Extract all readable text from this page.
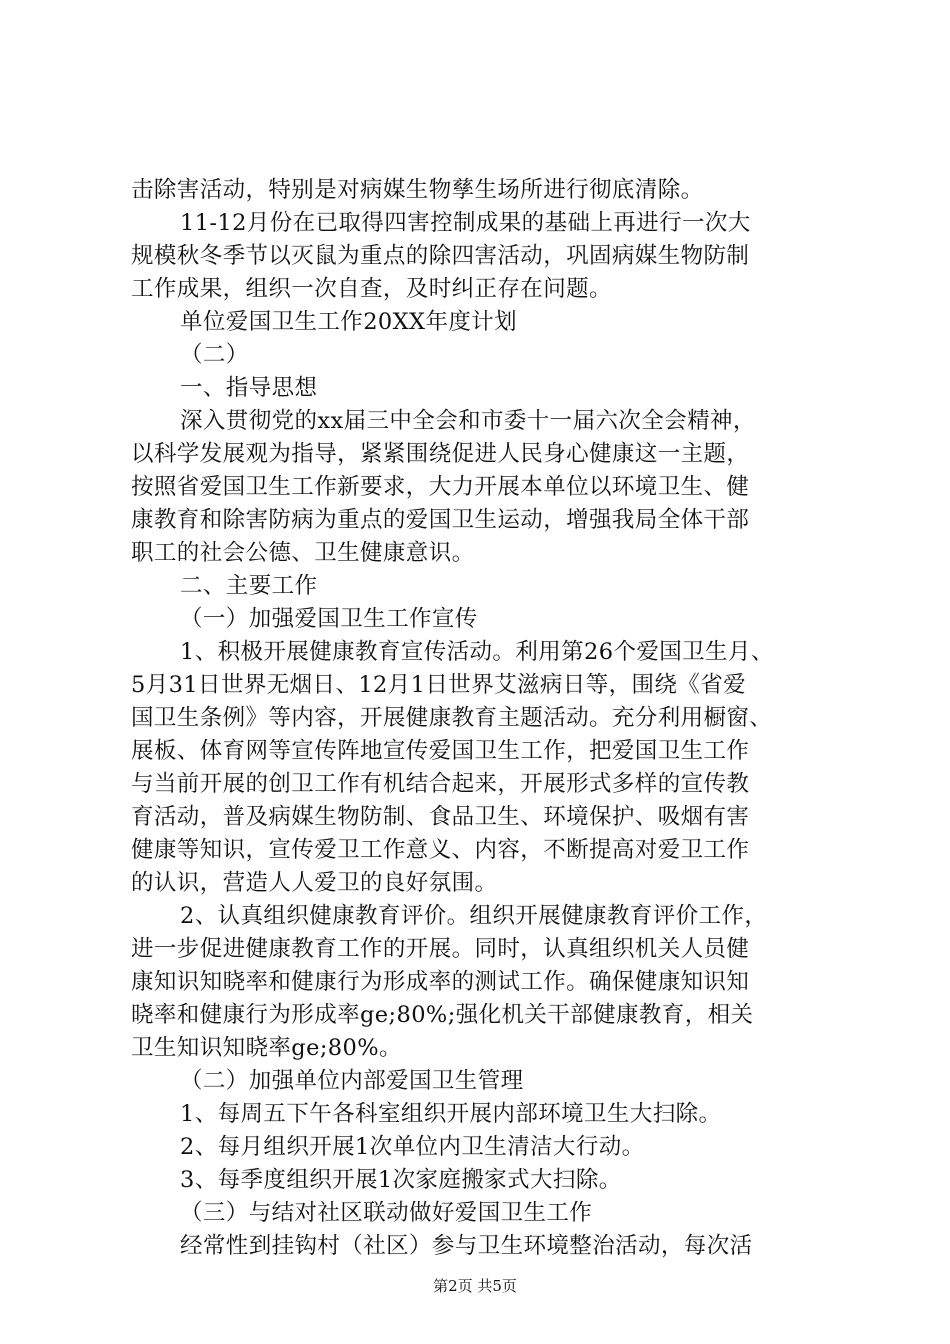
击除害活动，特别是对病媒生物孳生场所进行彻底清除。
11-12月份在已取得四害控制成果的基础上再进行一次大
规模秋冬季节以灭鼠为重点的除四害活动，巩固病媒生物防制
工作成果，组织一次自查，及时纠正存在问题。
单位爱国卫生工作20XX年度计划
（二）
一、指导思想
深入贯彻党的xx届三中全会和市委十一届六次全会精神，
以科学发展观为指导，紧紧围绕促进人民身心健康这一主题，
按照省爱国卫生工作新要求，大力开展本单位以环境卫生、健
康教育和除害防病为重点的爱国卫生运动，增强我局全体干部
职工的社会公德、卫生健康意识。
二、主要工作
（一）加强爱国卫生工作宣传
1、积极开展健康教育宣传活动。利用第26个爱国卫生月、
5月31日世界无烟日、12月1日世界艾滋病日等，围绕《省爱
国卫生条例》等内容，开展健康教育主题活动。充分利用橱窗、
展板、体育网等宣传阵地宣传爱国卫生工作，把爱国卫生工作
与当前开展的创卫工作有机结合起来，开展形式多样的宣传教
育活动，普及病媒生物防制、食品卫生、环境保护、吸烟有害
健康等知识，宣传爱卫工作意义、内容，不断提高对爱卫工作
的认识，营造人人爱卫的良好氛围。
2、认真组织健康教育评价。组织开展健康教育评价工作，
进一步促进健康教育工作的开展。同时，认真组织机关人员健
康知识知晓率和健康行为形成率的测试工作。确保健康知识知
晓率和健康行为形成率ge;80%;强化机关干部健康教育，相关
卫生知识知晓率ge;80%。
（二）加强单位内部爱国卫生管理
1、每周五下午各科室组织开展内部环境卫生大扫除。
2、每月组织开展1次单位内卫生清洁大行动。
3、每季度组织开展1次家庭搬家式大扫除。
（三）与结对社区联动做好爱国卫生工作
经常性到挂钩村（社区）参与卫生环境整治活动，每次活
第2页 共5页
